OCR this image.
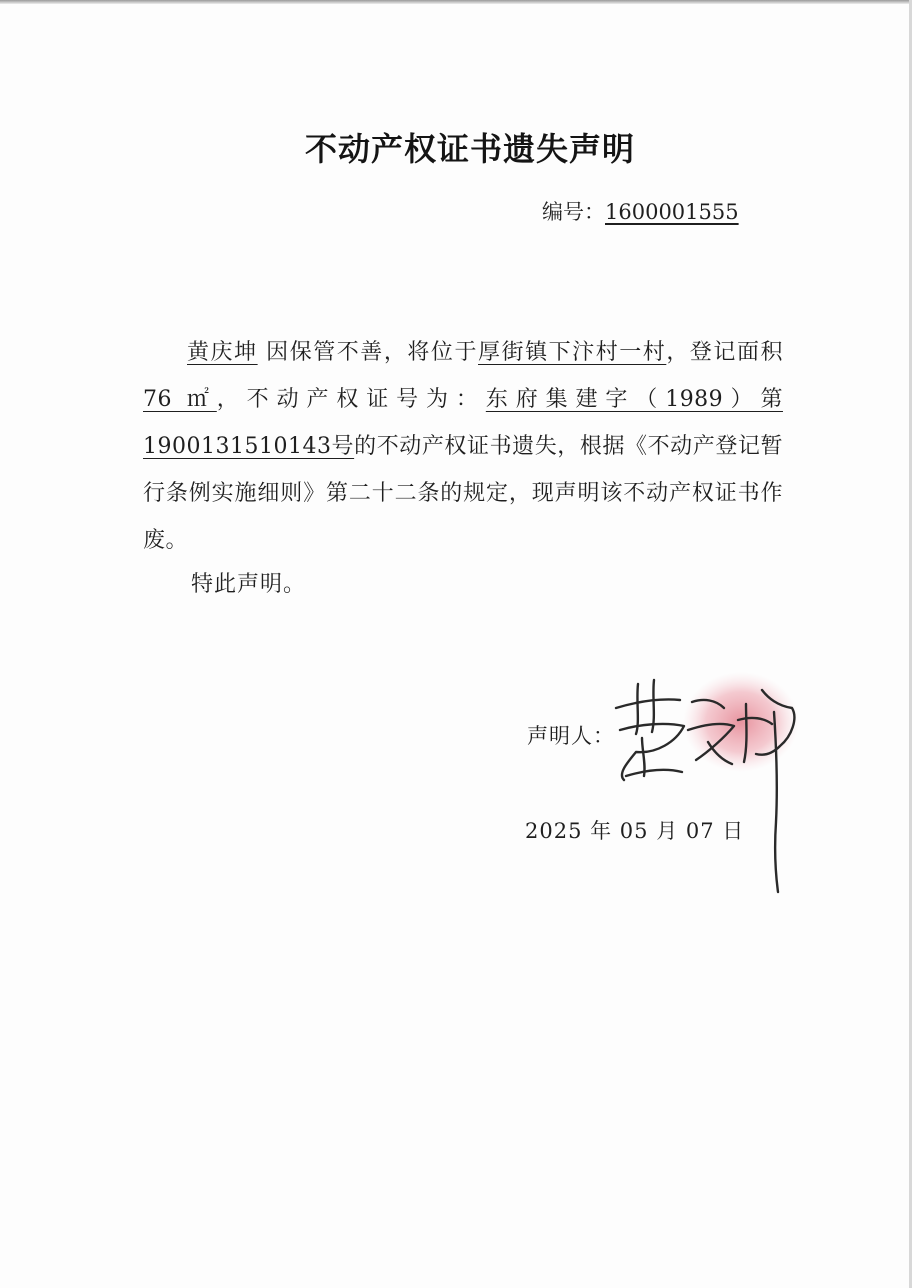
不动产权证书遗失声明
编号：1600001555

黄庆坤 因保管不善，将位于厚街镇下汴村一村，登记面积76 ㎡，不动产权证号为：东府集建字（1989）第1900131510143号的不动产权证书遗失，根据《不动产登记暂行条例实施细则》第二十二条的规定，现声明该不动产权证书作废。

特此声明。
声明人：
2025 年 05 月 07 日
